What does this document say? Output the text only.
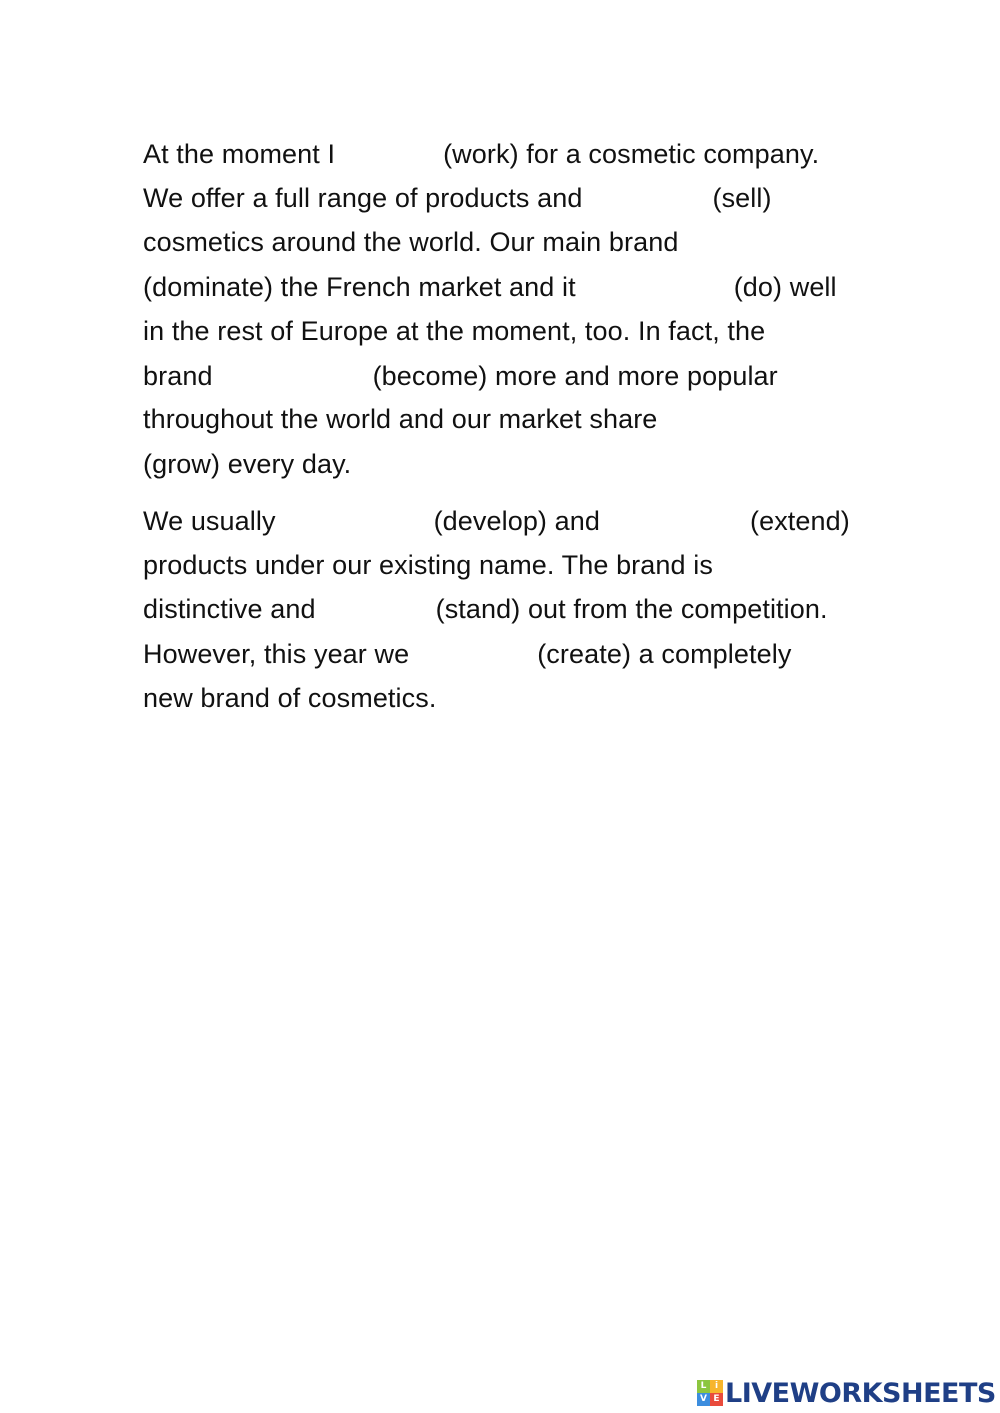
At the moment I	(work) for a cosmetic company.
We offer a full range of products and	(sell)
cosmetics around the world. Our main brand
(dominate) the French market and it	(do) well
in the rest of Europe at the moment, too. In fact, the
brand	(become) more and more popular
throughout the world and our market share
(grow) every day.
We usually	(develop) and	(extend)
products under our existing name. The brand is
distinctive and	(stand) out from the competition.
However, this year we	(create) a completely
new brand of cosmetics.
L i
V E LIVEWORKSHEETS
